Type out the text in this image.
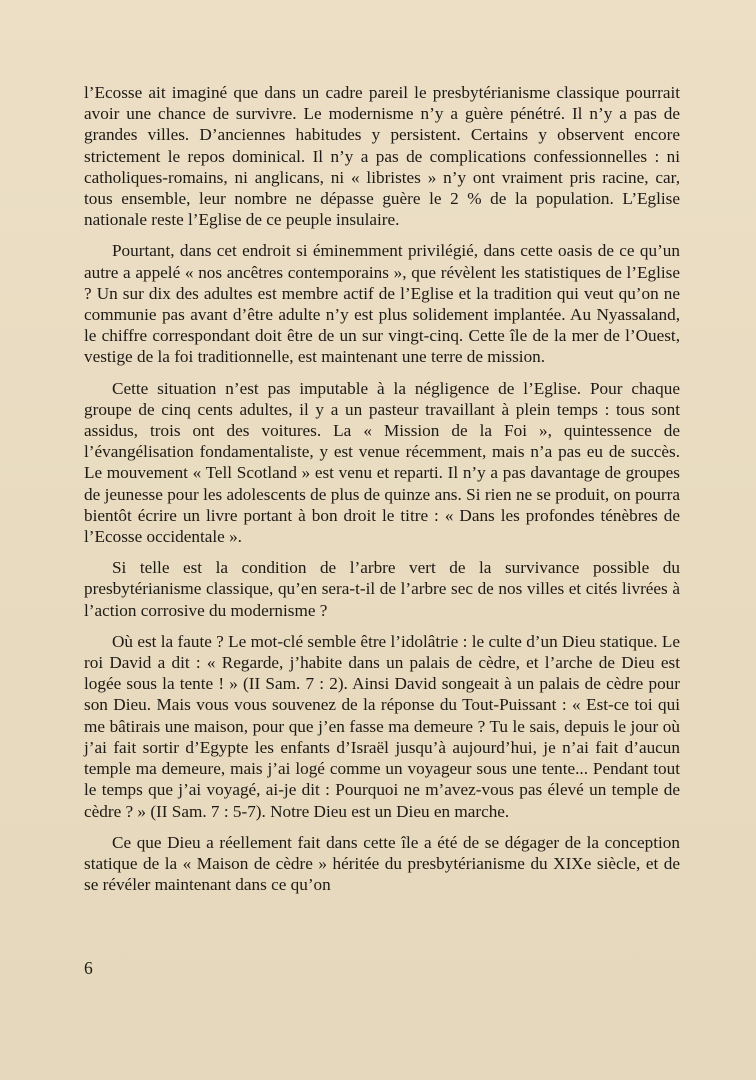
l’Ecosse ait imaginé que dans un cadre pareil le presbytérianisme classique pourrait avoir une chance de survivre. Le modernisme n’y a guère pénétré. Il n’y a pas de grandes villes. D’anciennes habitudes y persistent. Certains y observent encore strictement le repos dominical. Il n’y a pas de complications confessionnelles : ni catholiques-romains, ni anglicans, ni « libristes » n’y ont vraiment pris racine, car, tous ensemble, leur nombre ne dépasse guère le 2 % de la population. L’Eglise nationale reste l’Eglise de ce peuple insulaire.

Pourtant, dans cet endroit si éminemment privilégié, dans cette oasis de ce qu’un autre a appelé « nos ancêtres contemporains », que révèlent les statistiques de l’Eglise ? Un sur dix des adultes est membre actif de l’Eglise et la tradition qui veut qu’on ne communie pas avant d’être adulte n’y est plus solidement implantée. Au Nyassaland, le chiffre correspondant doit être de un sur vingt-cinq. Cette île de la mer de l’Ouest, vestige de la foi traditionnelle, est maintenant une terre de mission.

Cette situation n’est pas imputable à la négligence de l’Eglise. Pour chaque groupe de cinq cents adultes, il y a un pasteur travaillant à plein temps : tous sont assidus, trois ont des voitures. La « Mission de la Foi », quintessence de l’évangélisation fondamentaliste, y est venue récemment, mais n’a pas eu de succès. Le mouvement « Tell Scotland » est venu et reparti. Il n’y a pas davantage de groupes de jeunesse pour les adolescents de plus de quinze ans. Si rien ne se produit, on pourra bientôt écrire un livre portant à bon droit le titre : « Dans les profondes ténèbres de l’Ecosse occidentale ».

Si telle est la condition de l’arbre vert de la survivance possible du presbytérianisme classique, qu’en sera-t-il de l’arbre sec de nos villes et cités livrées à l’action corrosive du modernisme ?

Où est la faute ? Le mot-clé semble être l’idolâtrie : le culte d’un Dieu statique. Le roi David a dit : « Regarde, j’habite dans un palais de cèdre, et l’arche de Dieu est logée sous la tente ! » (II Sam. 7 : 2). Ainsi David songeait à un palais de cèdre pour son Dieu. Mais vous vous souvenez de la réponse du Tout-Puissant : « Est-ce toi qui me bâtirais une maison, pour que j’en fasse ma demeure ? Tu le sais, depuis le jour où j’ai fait sortir d’Egypte les enfants d’Israël jusqu’à aujourd’hui, je n’ai fait d’aucun temple ma demeure, mais j’ai logé comme un voyageur sous une tente... Pendant tout le temps que j’ai voyagé, ai-je dit : Pourquoi ne m’avez-vous pas élevé un temple de cèdre ? » (II Sam. 7 : 5-7). Notre Dieu est un Dieu en marche.

Ce que Dieu a réellement fait dans cette île a été de se dégager de la conception statique de la « Maison de cèdre » héritée du presbytérianisme du XIXe siècle, et de se révéler maintenant dans ce qu’on

6
